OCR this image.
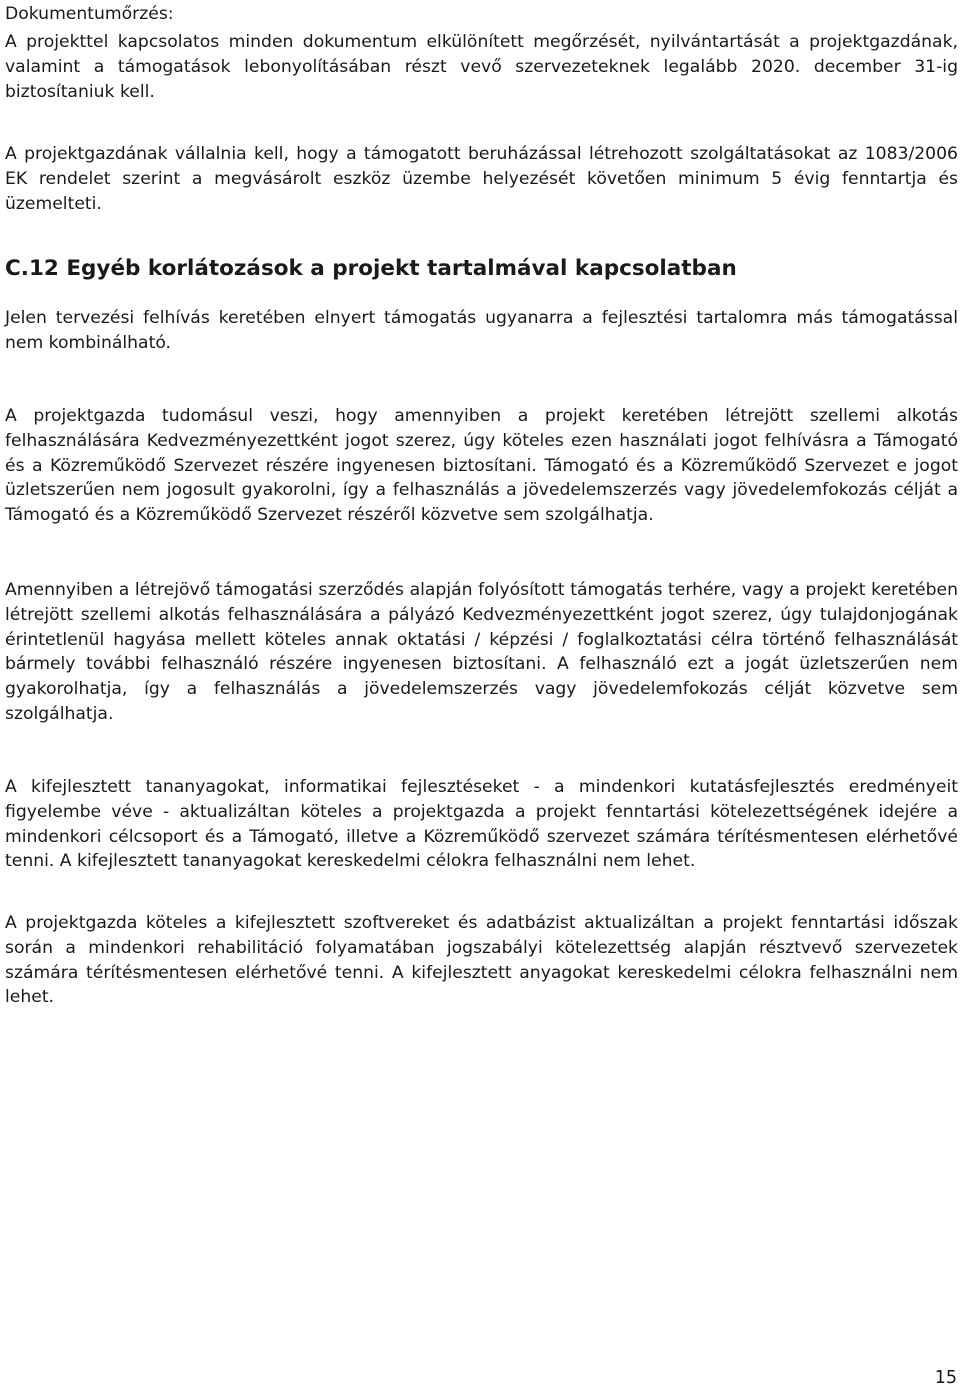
Dokumentumőrzés:

A projekttel kapcsolatos minden dokumentum elkülönített megőrzését, nyilvántartását a projektgazdának, valamint a támogatások lebonyolításában részt vevő szervezeteknek legalább 2020. december 31-ig biztosítaniuk kell.

A projektgazdának vállalnia kell, hogy a támogatott beruházással létrehozott szolgáltatásokat az 1083/2006 EK rendelet szerint a megvásárolt eszköz üzembe helyezését követően minimum 5 évig fenntartja és üzemelteti.

C.12 Egyéb korlátozások a projekt tartalmával kapcsolatban

Jelen tervezési felhívás keretében elnyert támogatás ugyanarra a fejlesztési tartalomra más támogatással nem kombinálható.

A projektgazda tudomásul veszi, hogy amennyiben a projekt keretében létrejött szellemi alkotás felhasználására Kedvezményezettként jogot szerez, úgy köteles ezen használati jogot felhívásra a Támogató és a Közreműködő Szervezet részére ingyenesen biztosítani. Támogató és a Közreműködő Szervezet e jogot üzletszerűen nem jogosult gyakorolni, így a felhasználás a jövedelemszerzés vagy jövedelemfokozás célját a Támogató és a Közreműködő Szervezet részéről közvetve sem szolgálhatja.

Amennyiben a létrejövő támogatási szerződés alapján folyósított támogatás terhére, vagy a projekt keretében létrejött szellemi alkotás felhasználására a pályázó Kedvezményezettként jogot szerez, úgy tulajdonjogának érintetlenül hagyása mellett köteles annak oktatási / képzési / foglalkoztatási célra történő felhasználását bármely további felhasználó részére ingyenesen biztosítani. A felhasználó ezt a jogát üzletszerűen nem gyakorolhatja, így a felhasználás a jövedelemszerzés vagy jövedelemfokozás célját közvetve sem szolgálhatja.

A kifejlesztett tananyagokat, informatikai fejlesztéseket - a mindenkori kutatásfejlesztés eredményeit figyelembe véve - aktualizáltan köteles a projektgazda a projekt fenntartási kötelezettségének idejére a mindenkori célcsoport és a Támogató, illetve a Közreműködő szervezet számára térítésmentesen elérhetővé tenni. A kifejlesztett tananyagokat kereskedelmi célokra felhasználni nem lehet.

A projektgazda köteles a kifejlesztett szoftvereket és adatbázist aktualizáltan a projekt fenntartási időszak során a mindenkori rehabilitáció folyamatában jogszabályi kötelezettség alapján résztvevő szervezetek számára térítésmentesen elérhetővé tenni. A kifejlesztett anyagokat kereskedelmi célokra felhasználni nem lehet.

15
